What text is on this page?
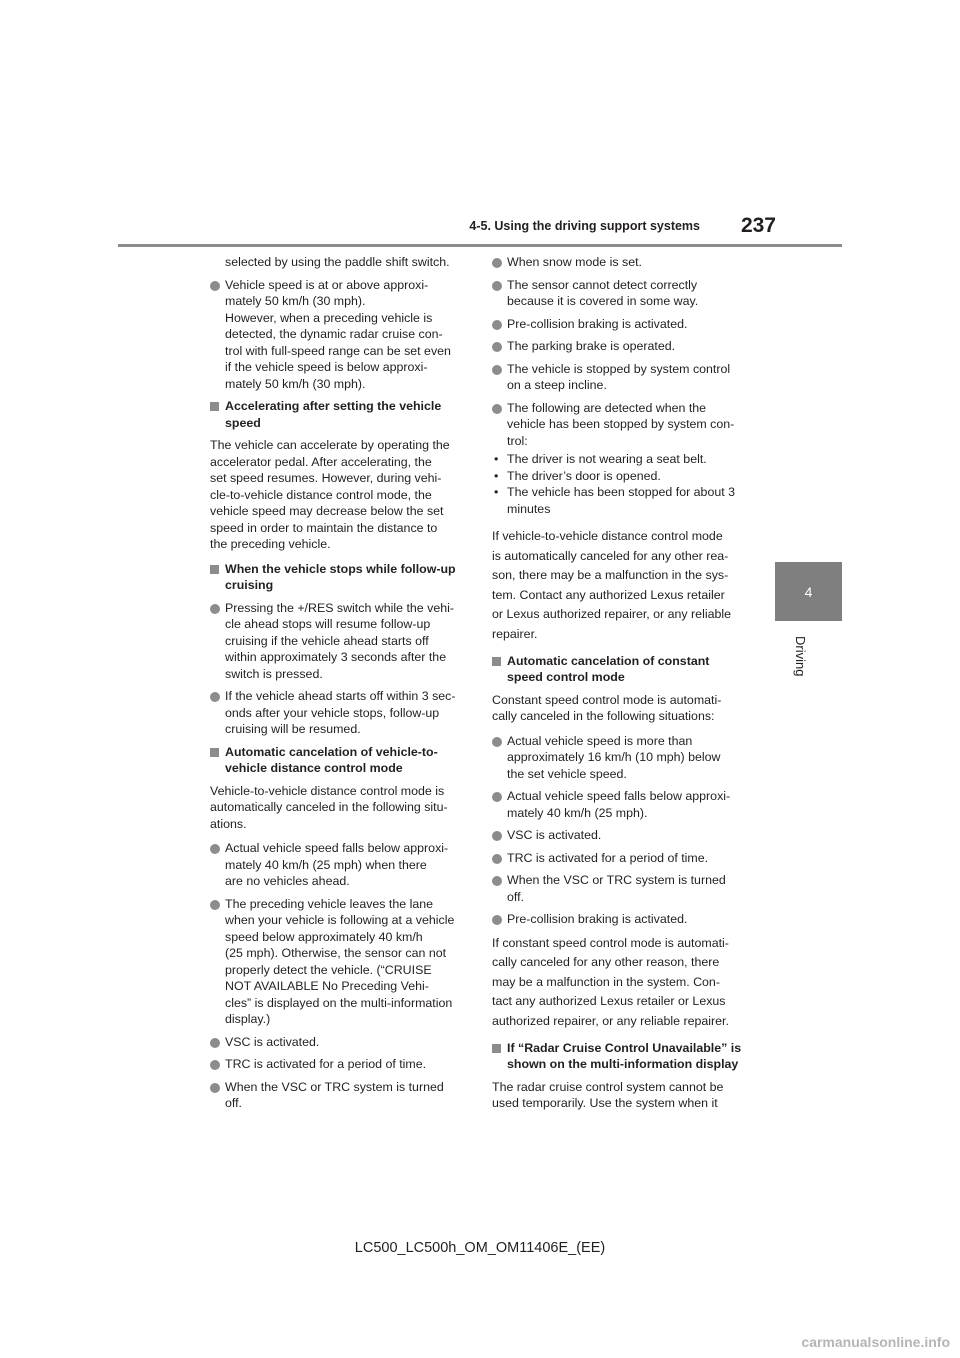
4-5. Using the driving support systems	237
4
Driving
selected by using the paddle shift switch.
Vehicle speed is at or above approxi-
mately 50 km/h (30 mph).
However, when a preceding vehicle is
detected, the dynamic radar cruise con-
trol with full-speed range can be set even
if the vehicle speed is below approxi-
mately 50 km/h (30 mph).
Accelerating after setting the vehicle
speed
The vehicle can accelerate by operating the
accelerator pedal. After accelerating, the
set speed resumes. However, during vehi-
cle-to-vehicle distance control mode, the
vehicle speed may decrease below the set
speed in order to maintain the distance to
the preceding vehicle.
When the vehicle stops while follow-up
cruising
Pressing the +/RES switch while the vehi-
cle ahead stops will resume follow-up
cruising if the vehicle ahead starts off
within approximately 3 seconds after the
switch is pressed.
If the vehicle ahead starts off within 3 sec-
onds after your vehicle stops, follow-up
cruising will be resumed.
Automatic cancelation of vehicle-to-
vehicle distance control mode
Vehicle-to-vehicle distance control mode is
automatically canceled in the following situ-
ations.
Actual vehicle speed falls below approxi-
mately 40 km/h (25 mph) when there
are no vehicles ahead.
The preceding vehicle leaves the lane
when your vehicle is following at a vehicle
speed below approximately 40 km/h
(25 mph). Otherwise, the sensor can not
properly detect the vehicle. (“CRUISE
NOT AVAILABLE No Preceding Vehi-
cles” is displayed on the multi-information
display.)
VSC is activated.
TRC is activated for a period of time.
When the VSC or TRC system is turned
off.
When snow mode is set.
The sensor cannot detect correctly
because it is covered in some way.
Pre-collision braking is activated.
The parking brake is operated.
The vehicle is stopped by system control
on a steep incline.
The following are detected when the
vehicle has been stopped by system con-
trol:
• The driver is not wearing a seat belt.
• The driver’s door is opened.
• The vehicle has been stopped for about 3
minutes
If vehicle-to-vehicle distance control mode
is automatically canceled for any other rea-
son, there may be a malfunction in the sys-
tem. Contact any authorized Lexus retailer
or Lexus authorized repairer, or any reliable
repairer.
Automatic cancelation of constant
speed control mode
Constant speed control mode is automati-
cally canceled in the following situations:
Actual vehicle speed is more than
approximately 16 km/h (10 mph) below
the set vehicle speed.
Actual vehicle speed falls below approxi-
mately 40 km/h (25 mph).
VSC is activated.
TRC is activated for a period of time.
When the VSC or TRC system is turned
off.
Pre-collision braking is activated.
If constant speed control mode is automati-
cally canceled for any other reason, there
may be a malfunction in the system. Con-
tact any authorized Lexus retailer or Lexus
authorized repairer, or any reliable repairer.
If “Radar Cruise Control Unavailable” is
shown on the multi-information display
The radar cruise control system cannot be
used temporarily. Use the system when it
LC500_LC500h_OM_OM11406E_(EE)
carmanualsonline.info
